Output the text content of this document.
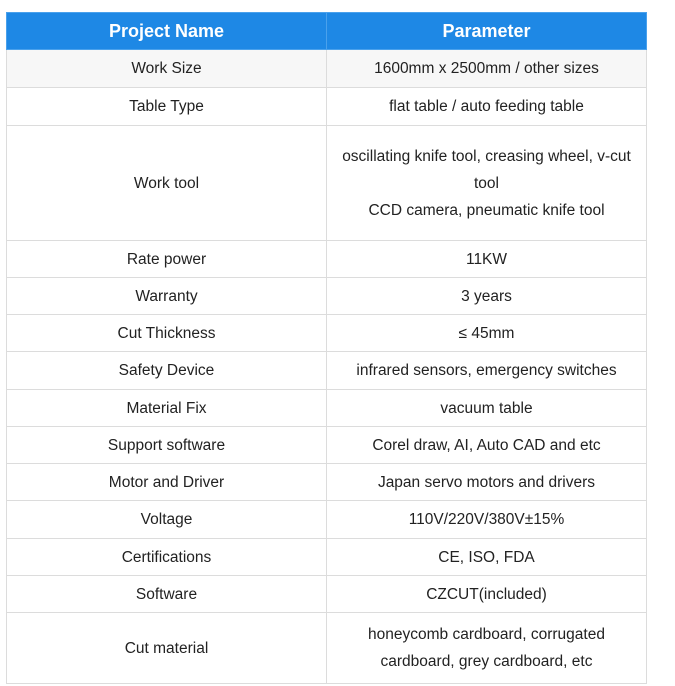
Project Name	Parameter
Work Size	1600mm x 2500mm / other sizes
Table Type	flat table / auto feeding table
Work tool	oscillating knife tool, creasing wheel, v-cut tool
CCD camera, pneumatic knife tool

Rate power	11KW
Warranty	3 years
Cut Thickness	≤ 45mm
Safety Device	infrared sensors, emergency switches
Material Fix	vacuum table
Support software	Corel draw, AI, Auto CAD and etc
Motor and Driver	Japan servo motors and drivers
Voltage	110V/220V/380V±15%
Certifications	CE, ISO, FDA
Software	CZCUT(included)
Cut material	honeycomb cardboard, corrugated cardboard, grey cardboard, etc
